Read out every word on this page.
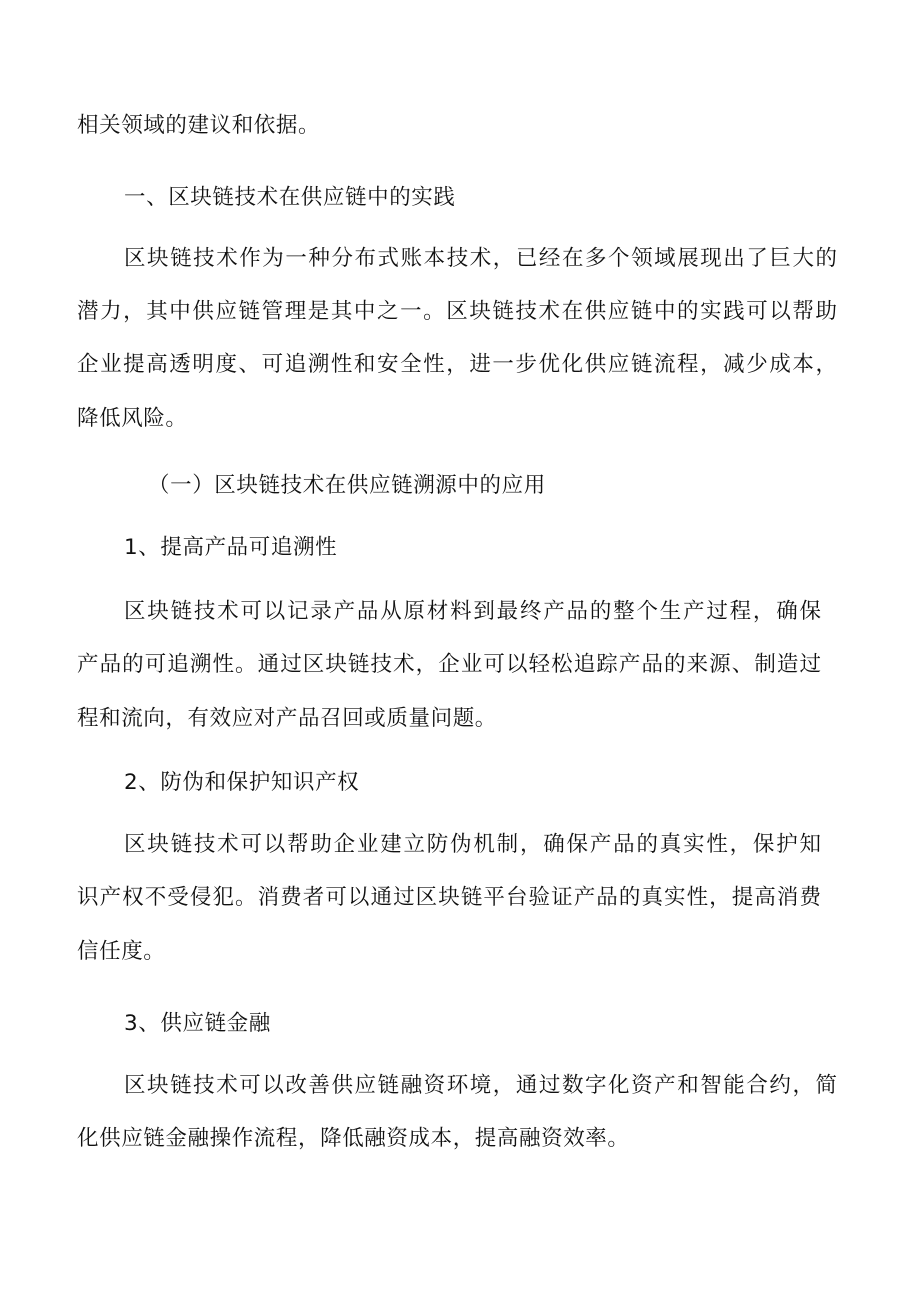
相关领域的建议和依据。
一、区块链技术在供应链中的实践
区块链技术作为一种分布式账本技术，已经在多个领域展现出了巨大的
潜力，其中供应链管理是其中之一。区块链技术在供应链中的实践可以帮助
企业提高透明度、可追溯性和安全性，进一步优化供应链流程，减少成本，
降低风险。
（一）区块链技术在供应链溯源中的应用
1、提高产品可追溯性
区块链技术可以记录产品从原材料到最终产品的整个生产过程，确保
产品的可追溯性。通过区块链技术，企业可以轻松追踪产品的来源、制造过
程和流向，有效应对产品召回或质量问题。
2、防伪和保护知识产权
区块链技术可以帮助企业建立防伪机制，确保产品的真实性，保护知
识产权不受侵犯。消费者可以通过区块链平台验证产品的真实性，提高消费
信任度。
3、供应链金融
区块链技术可以改善供应链融资环境，通过数字化资产和智能合约，简
化供应链金融操作流程，降低融资成本，提高融资效率。
